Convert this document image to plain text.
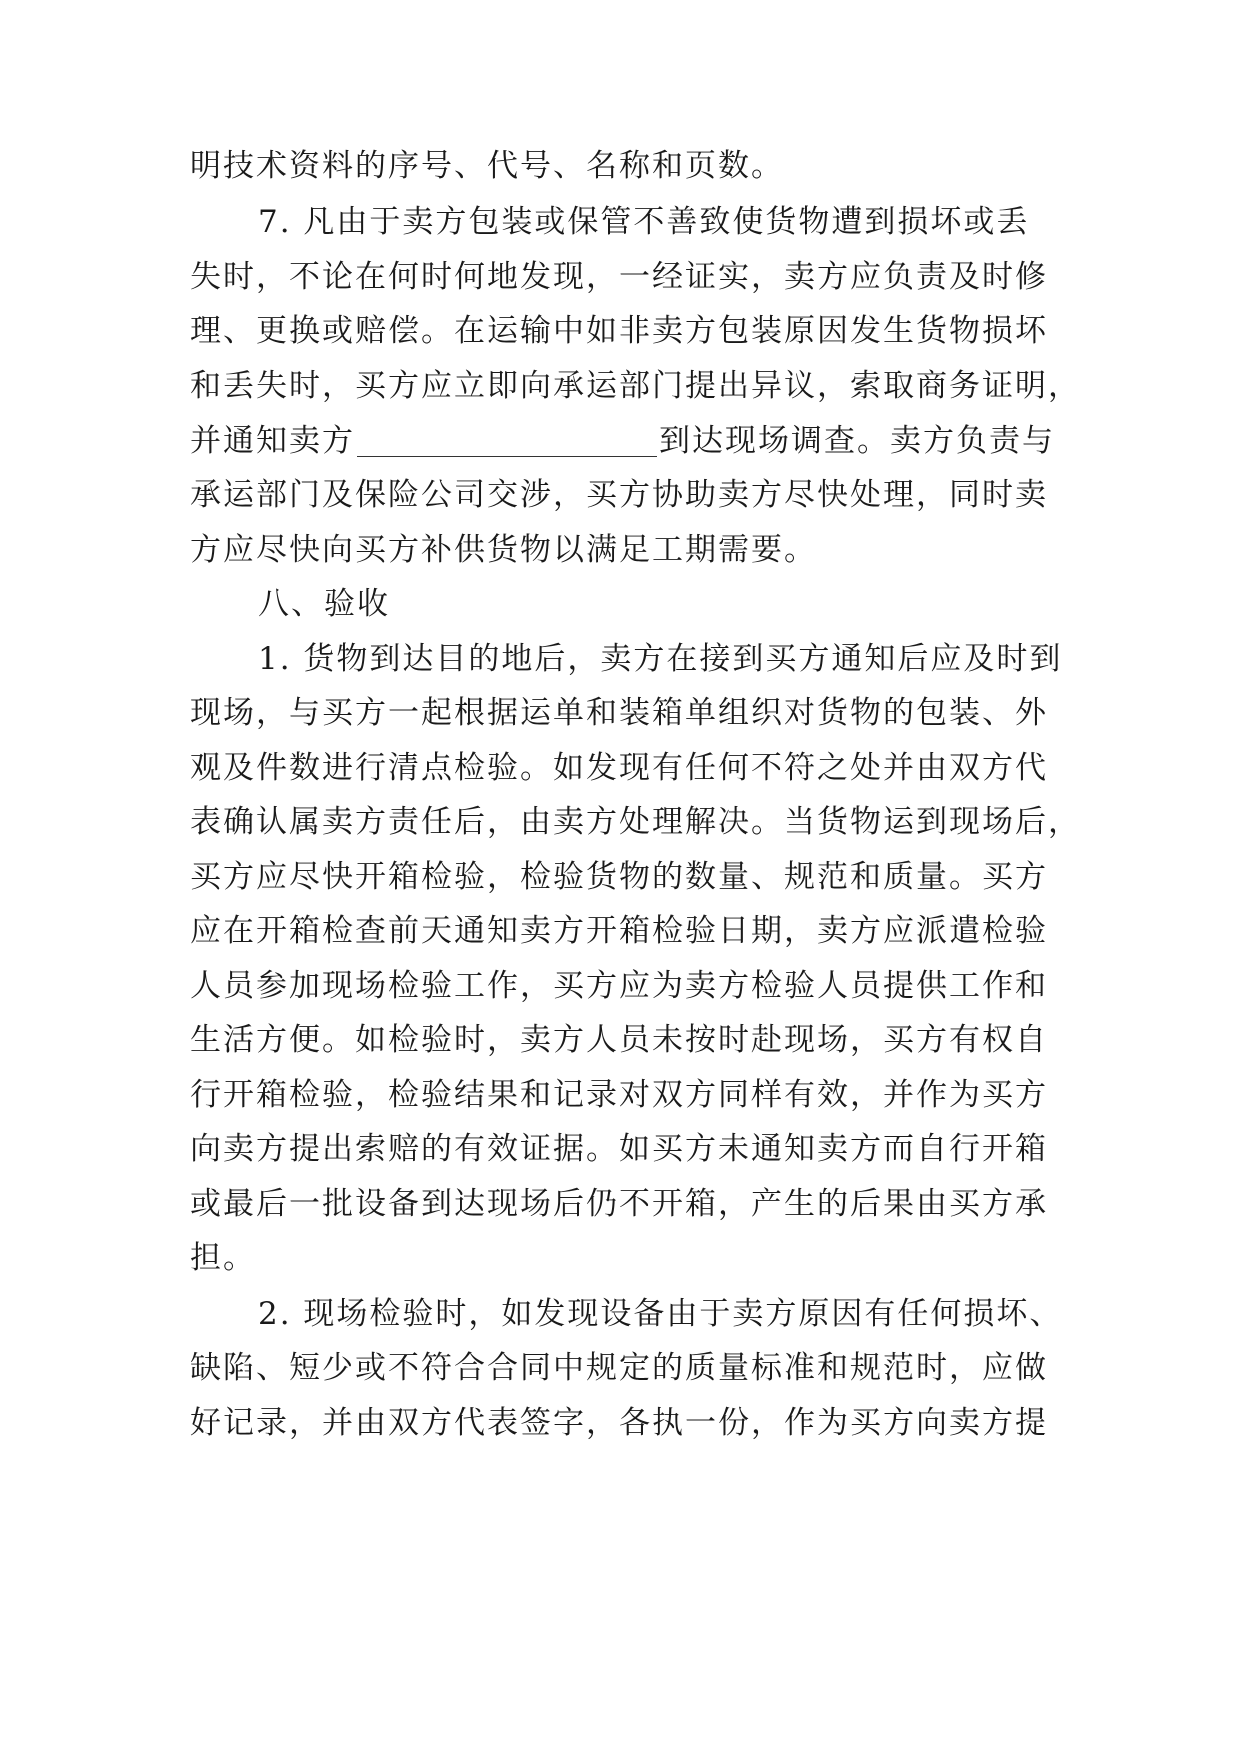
明技术资料的序号、代号、名称和页数。
7. 凡由于卖方包装或保管不善致使货物遭到损坏或丢
失时，不论在何时何地发现，一经证实，卖方应负责及时修
理、更换或赔偿。在运输中如非卖方包装原因发生货物损坏
和丢失时，买方应立即向承运部门提出异议，索取商务证明，
并通知卖方	到达现场调查。卖方负责与
承运部门及保险公司交涉，买方协助卖方尽快处理，同时卖
方应尽快向买方补供货物以满足工期需要。
八、验收
1. 货物到达目的地后，卖方在接到买方通知后应及时到
现场，与买方一起根据运单和装箱单组织对货物的包装、外
观及件数进行清点检验。如发现有任何不符之处并由双方代
表确认属卖方责任后，由卖方处理解决。当货物运到现场后，
买方应尽快开箱检验，检验货物的数量、规范和质量。买方
应在开箱检查前天通知卖方开箱检验日期，卖方应派遣检验
人员参加现场检验工作，买方应为卖方检验人员提供工作和
生活方便。如检验时，卖方人员未按时赴现场，买方有权自
行开箱检验，检验结果和记录对双方同样有效，并作为买方
向卖方提出索赔的有效证据。如买方未通知卖方而自行开箱
或最后一批设备到达现场后仍不开箱，产生的后果由买方承
担。
2. 现场检验时，如发现设备由于卖方原因有任何损坏、
缺陷、短少或不符合合同中规定的质量标准和规范时，应做
好记录，并由双方代表签字，各执一份，作为买方向卖方提
